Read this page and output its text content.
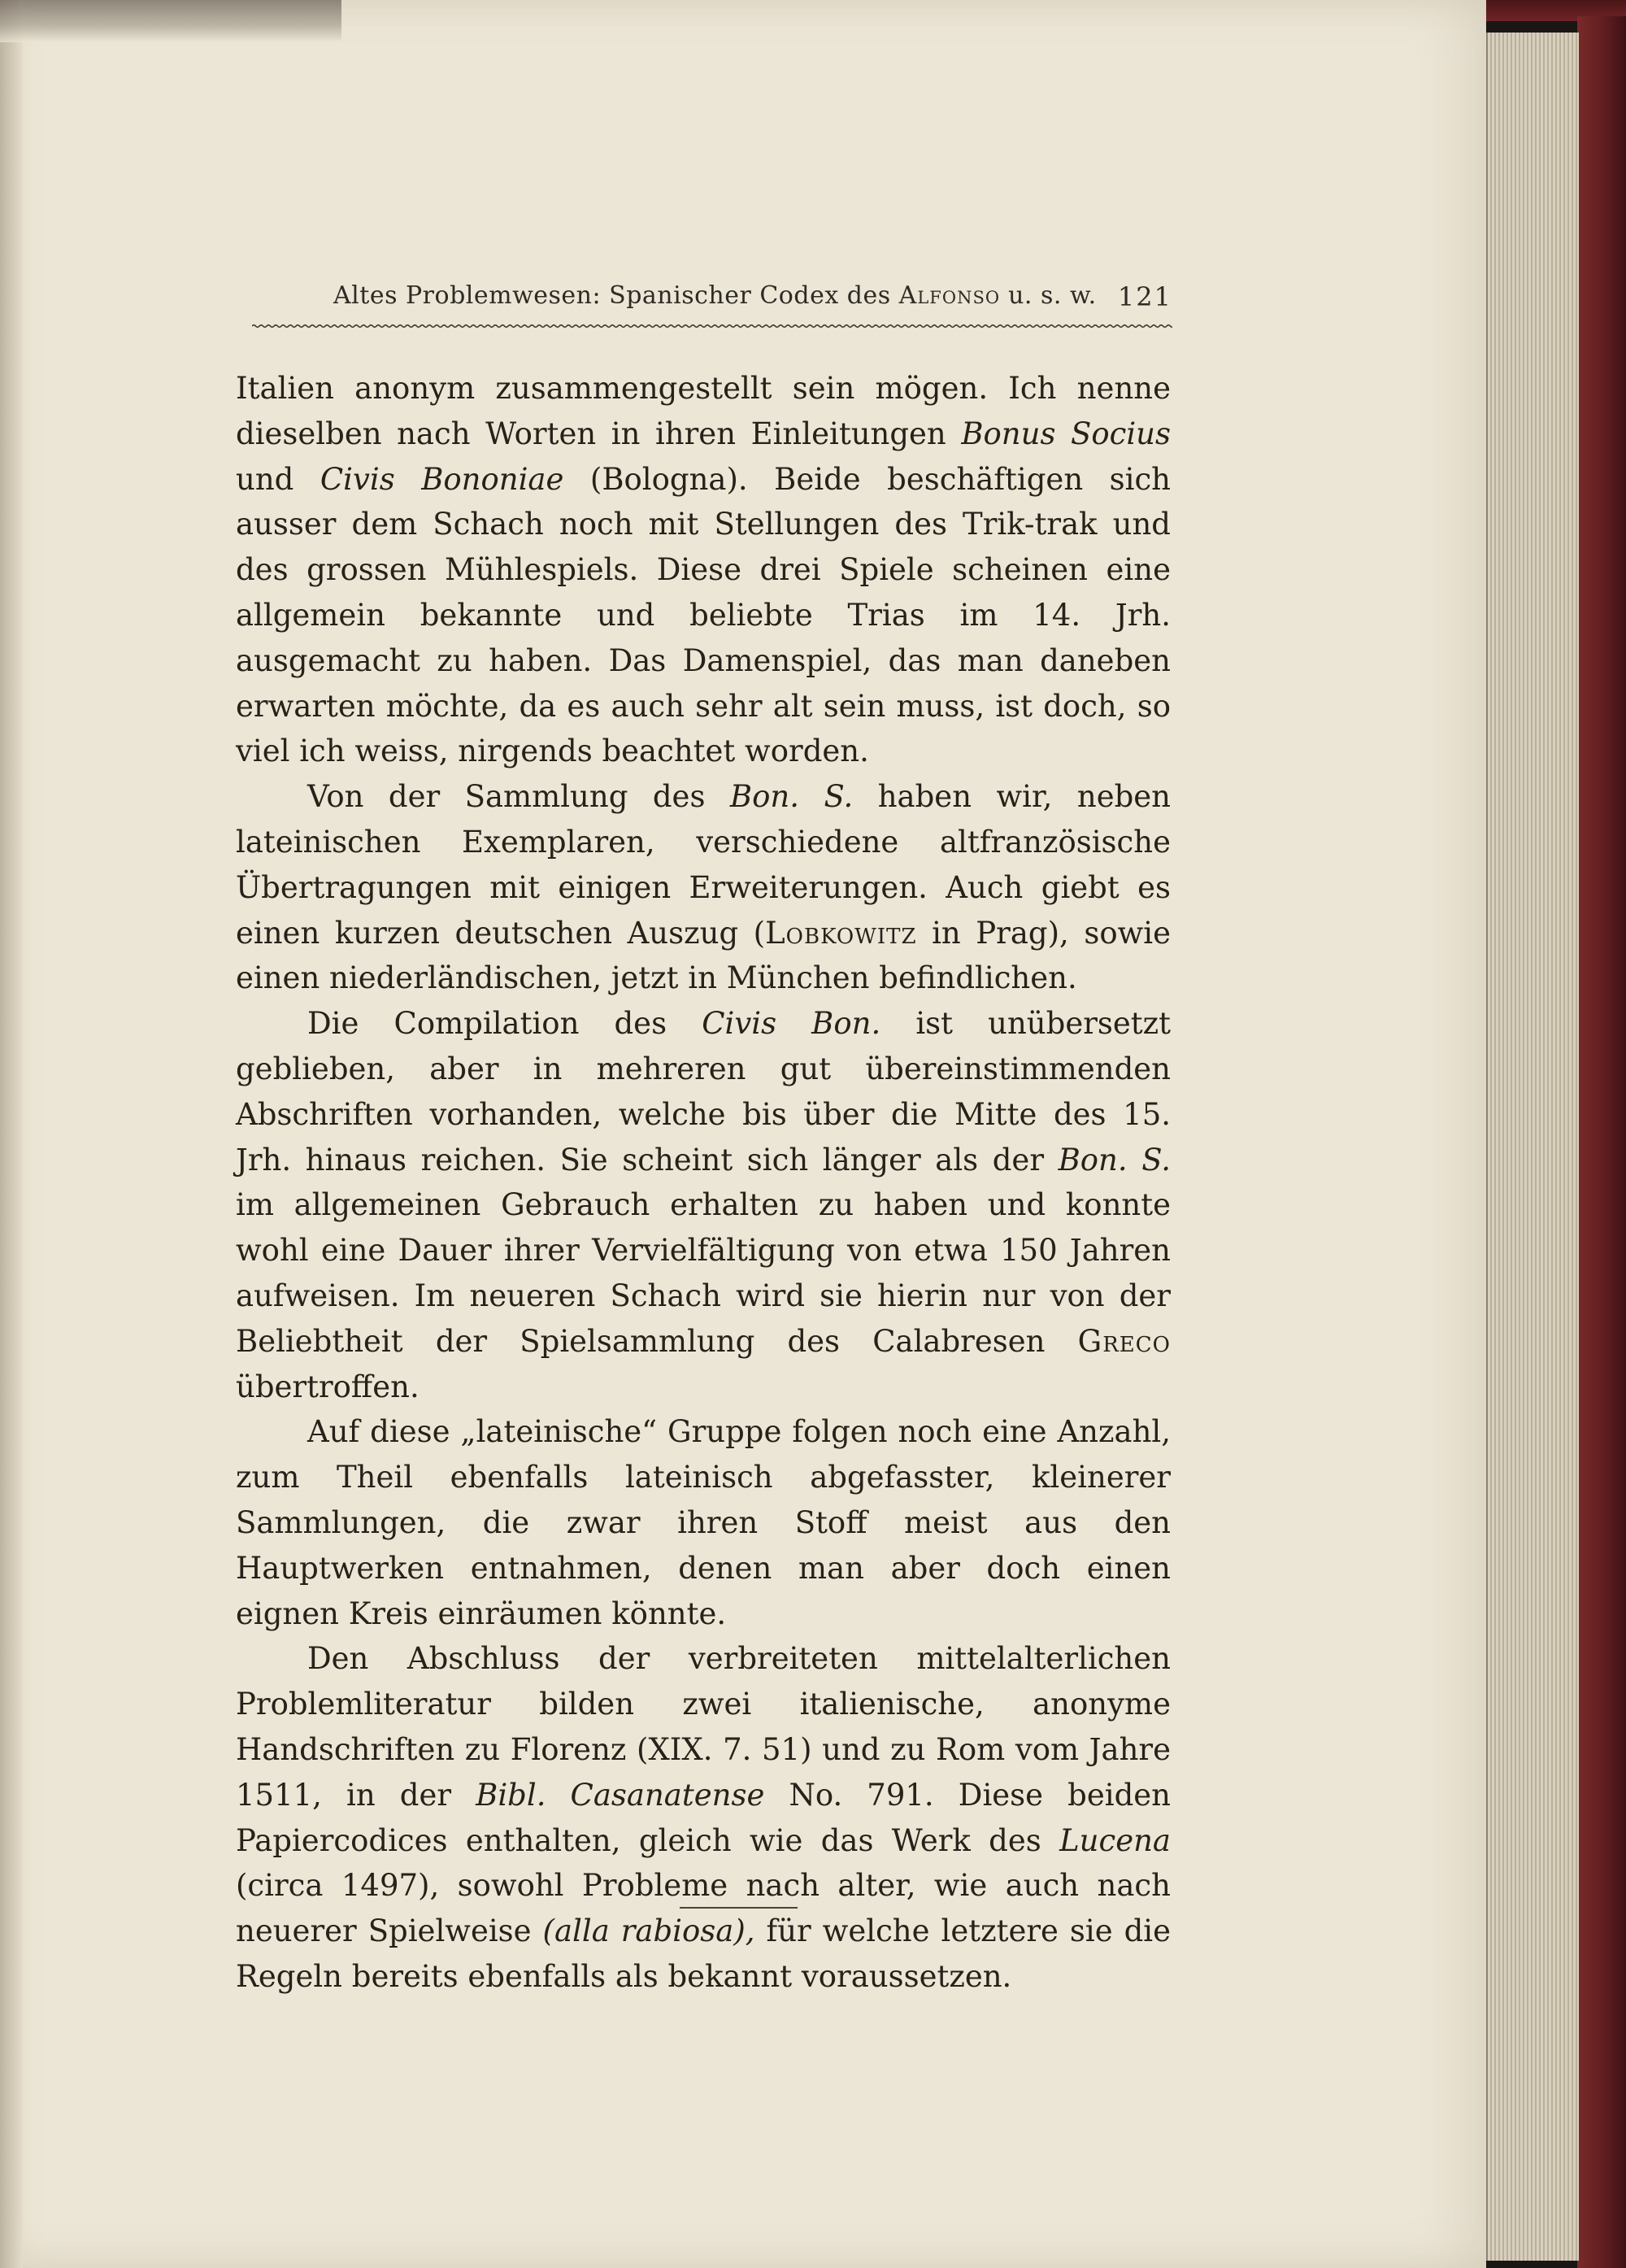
Altes Problemwesen: Spanischer Codex des Alfonso u. s. w. 121

Italien anonym zusammengestellt sein mögen. Ich nenne dieselben nach Worten in ihren Einleitungen Bonus Socius und Civis Bononiae (Bologna). Beide beschäftigen sich ausser dem Schach noch mit Stellungen des Trik-trak und des grossen Mühlespiels. Diese drei Spiele scheinen eine allgemein bekannte und beliebte Trias im 14. Jrh. ausgemacht zu haben. Das Damenspiel, das man daneben erwarten möchte, da es auch sehr alt sein muss, ist doch, so viel ich weiss, nirgends beachtet worden.

Von der Sammlung des Bon. S. haben wir, neben lateinischen Exemplaren, verschiedene altfranzösische Übertragungen mit einigen Erweiterungen. Auch giebt es einen kurzen deutschen Auszug (Lobkowitz in Prag), sowie einen niederländischen, jetzt in München befindlichen.

Die Compilation des Civis Bon. ist unübersetzt geblieben, aber in mehreren gut übereinstimmenden Abschriften vorhanden, welche bis über die Mitte des 15. Jrh. hinaus reichen. Sie scheint sich länger als der Bon. S. im allgemeinen Gebrauch erhalten zu haben und konnte wohl eine Dauer ihrer Vervielfältigung von etwa 150 Jahren aufweisen. Im neueren Schach wird sie hierin nur von der Beliebtheit der Spielsammlung des Calabresen Greco übertroffen.

Auf diese „lateinische“ Gruppe folgen noch eine Anzahl, zum Theil ebenfalls lateinisch abgefasster, kleinerer Sammlungen, die zwar ihren Stoff meist aus den Hauptwerken entnahmen, denen man aber doch einen eignen Kreis einräumen könnte.

Den Abschluss der verbreiteten mittelalterlichen Problemliteratur bilden zwei italienische, anonyme Handschriften zu Florenz (XIX. 7. 51) und zu Rom vom Jahre 1511, in der Bibl. Casanatense No. 791. Diese beiden Papiercodices enthalten, gleich wie das Werk des Lucena (circa 1497), sowohl Probleme nach alter, wie auch nach neuerer Spielweise (alla rabiosa), für welche letztere sie die Regeln bereits ebenfalls als bekannt voraussetzen.
